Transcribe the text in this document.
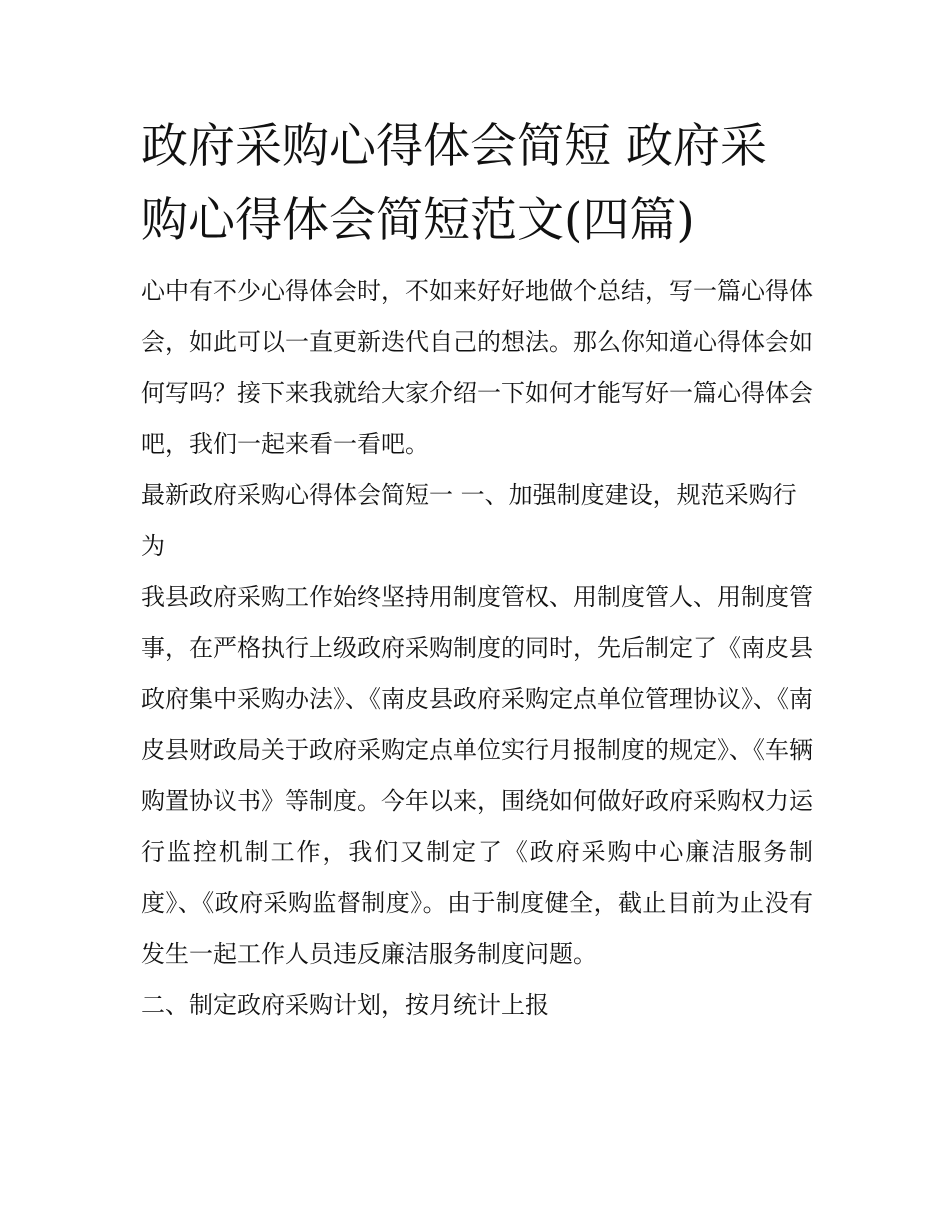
政府采购心得体会简短 政府采购心得体会简短范文(四篇)

心中有不少心得体会时，不如来好好地做个总结，写一篇心得体会，如此可以一直更新迭代自己的想法。那么你知道心得体会如何写吗？接下来我就给大家介绍一下如何才能写好一篇心得体会吧，我们一起来看一看吧。

最新政府采购心得体会简短一 一、加强制度建设，规范采购行为

我县政府采购工作始终坚持用制度管权、用制度管人、用制度管事，在严格执行上级政府采购制度的同时，先后制定了《南皮县政府集中采购办法》、《南皮县政府采购定点单位管理协议》、《南皮县财政局关于政府采购定点单位实行月报制度的规定》、《车辆购置协议书》等制度。今年以来，围绕如何做好政府采购权力运行监控机制工作，我们又制定了《政府采购中心廉洁服务制度》、《政府采购监督制度》。由于制度健全，截止目前为止没有发生一起工作人员违反廉洁服务制度问题。

二、制定政府采购计划，按月统计上报
